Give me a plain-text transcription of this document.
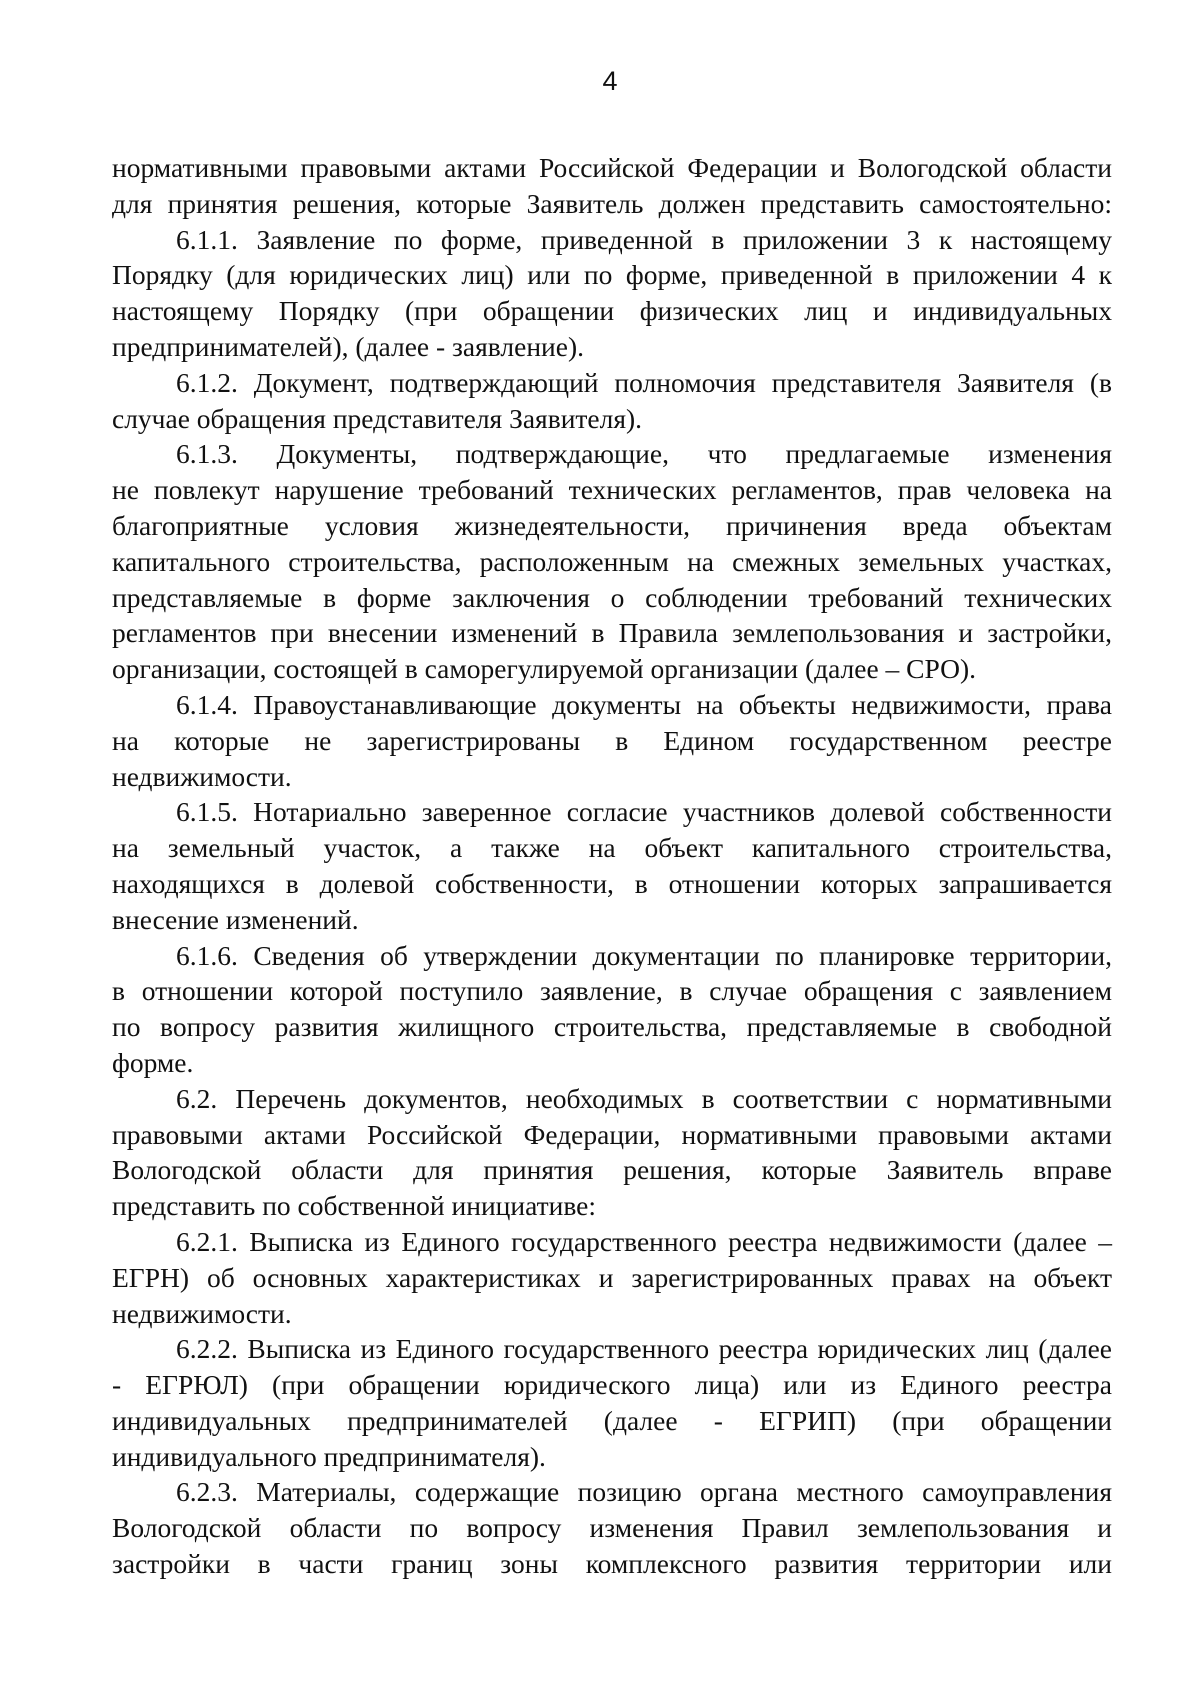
4
нормативными правовыми актами Российской Федерации и Вологодской области
для принятия решения, которые Заявитель должен представить самостоятельно:
6.1.1. Заявление по форме, приведенной в приложении 3 к настоящему
Порядку (для юридических лиц) или по форме, приведенной в приложении 4 к
настоящему Порядку (при обращении физических лиц и индивидуальных
предпринимателей), (далее - заявление).
6.1.2. Документ, подтверждающий полномочия представителя Заявителя (в
случае обращения представителя Заявителя).
6.1.3. Документы, подтверждающие, что предлагаемые изменения
не повлекут нарушение требований технических регламентов, прав человека на
благоприятные условия жизнедеятельности, причинения вреда объектам
капитального строительства, расположенным на смежных земельных участках,
представляемые в форме заключения о соблюдении требований технических
регламентов при внесении изменений в Правила землепользования и застройки,
организации, состоящей в саморегулируемой организации (далее – СРО).
6.1.4. Правоустанавливающие документы на объекты недвижимости, права
на которые не зарегистрированы в Едином государственном реестре
недвижимости.
6.1.5. Нотариально заверенное согласие участников долевой собственности
на земельный участок, а также на объект капитального строительства,
находящихся в долевой собственности, в отношении которых запрашивается
внесение изменений.
6.1.6. Сведения об утверждении документации по планировке территории,
в отношении которой поступило заявление, в случае обращения с заявлением
по вопросу развития жилищного строительства, представляемые в свободной
форме.
6.2. Перечень документов, необходимых в соответствии с нормативными
правовыми актами Российской Федерации, нормативными правовыми актами
Вологодской области для принятия решения, которые Заявитель вправе
представить по собственной инициативе:
6.2.1. Выписка из Единого государственного реестра недвижимости (далее –
ЕГРН) об основных характеристиках и зарегистрированных правах на объект
недвижимости.
6.2.2. Выписка из Единого государственного реестра юридических лиц (далее
- ЕГРЮЛ) (при обращении юридического лица) или из Единого реестра
индивидуальных предпринимателей (далее - ЕГРИП) (при обращении
индивидуального предпринимателя).
6.2.3. Материалы, содержащие позицию органа местного самоуправления
Вологодской области по вопросу изменения Правил землепользования и
застройки в части границ зоны комплексного развития территории или
